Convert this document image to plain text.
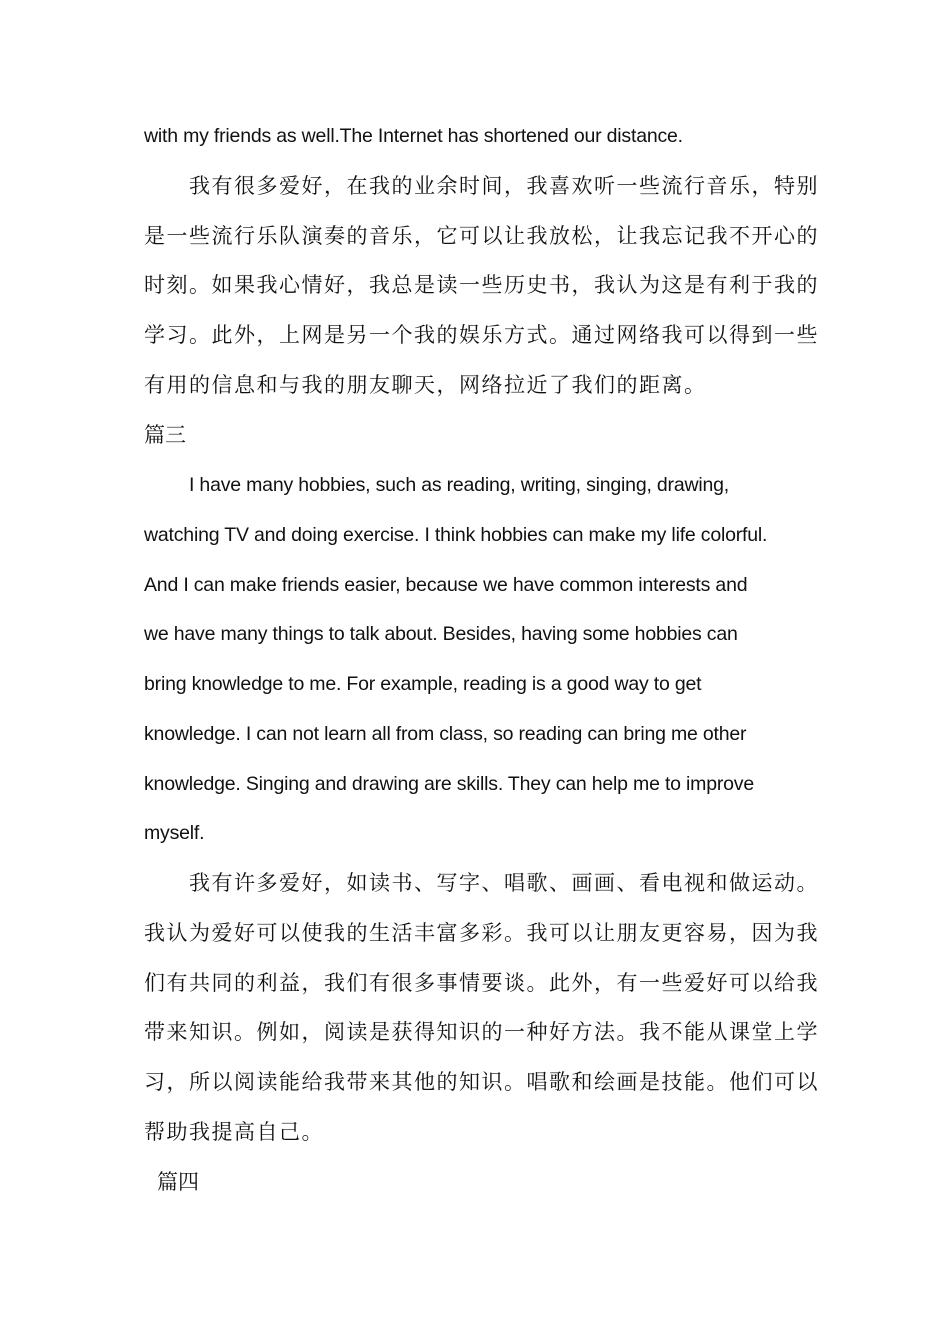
with my friends as well.The Internet has shortened our distance.
我有很多爱好，在我的业余时间，我喜欢听一些流行音乐，特别
是一些流行乐队演奏的音乐，它可以让我放松，让我忘记我不开心的
时刻。如果我心情好，我总是读一些历史书，我认为这是有利于我的
学习。此外，上网是另一个我的娱乐方式。通过网络我可以得到一些
有用的信息和与我的朋友聊天，网络拉近了我们的距离。
篇三
I have many hobbies, such as reading, writing, singing, drawing,
watching TV and doing exercise. I think hobbies can make my life colorful.
And I can make friends easier, because we have common interests and
we have many things to talk about. Besides, having some hobbies can
bring knowledge to me. For example, reading is a good way to get
knowledge. I can not learn all from class, so reading can bring me other
knowledge. Singing and drawing are skills. They can help me to improve
myself.
我有许多爱好，如读书、写字、唱歌、画画、看电视和做运动。
我认为爱好可以使我的生活丰富多彩。我可以让朋友更容易，因为我
们有共同的利益，我们有很多事情要谈。此外，有一些爱好可以给我
带来知识。例如，阅读是获得知识的一种好方法。我不能从课堂上学
习，所以阅读能给我带来其他的知识。唱歌和绘画是技能。他们可以
帮助我提高自己。
篇四
